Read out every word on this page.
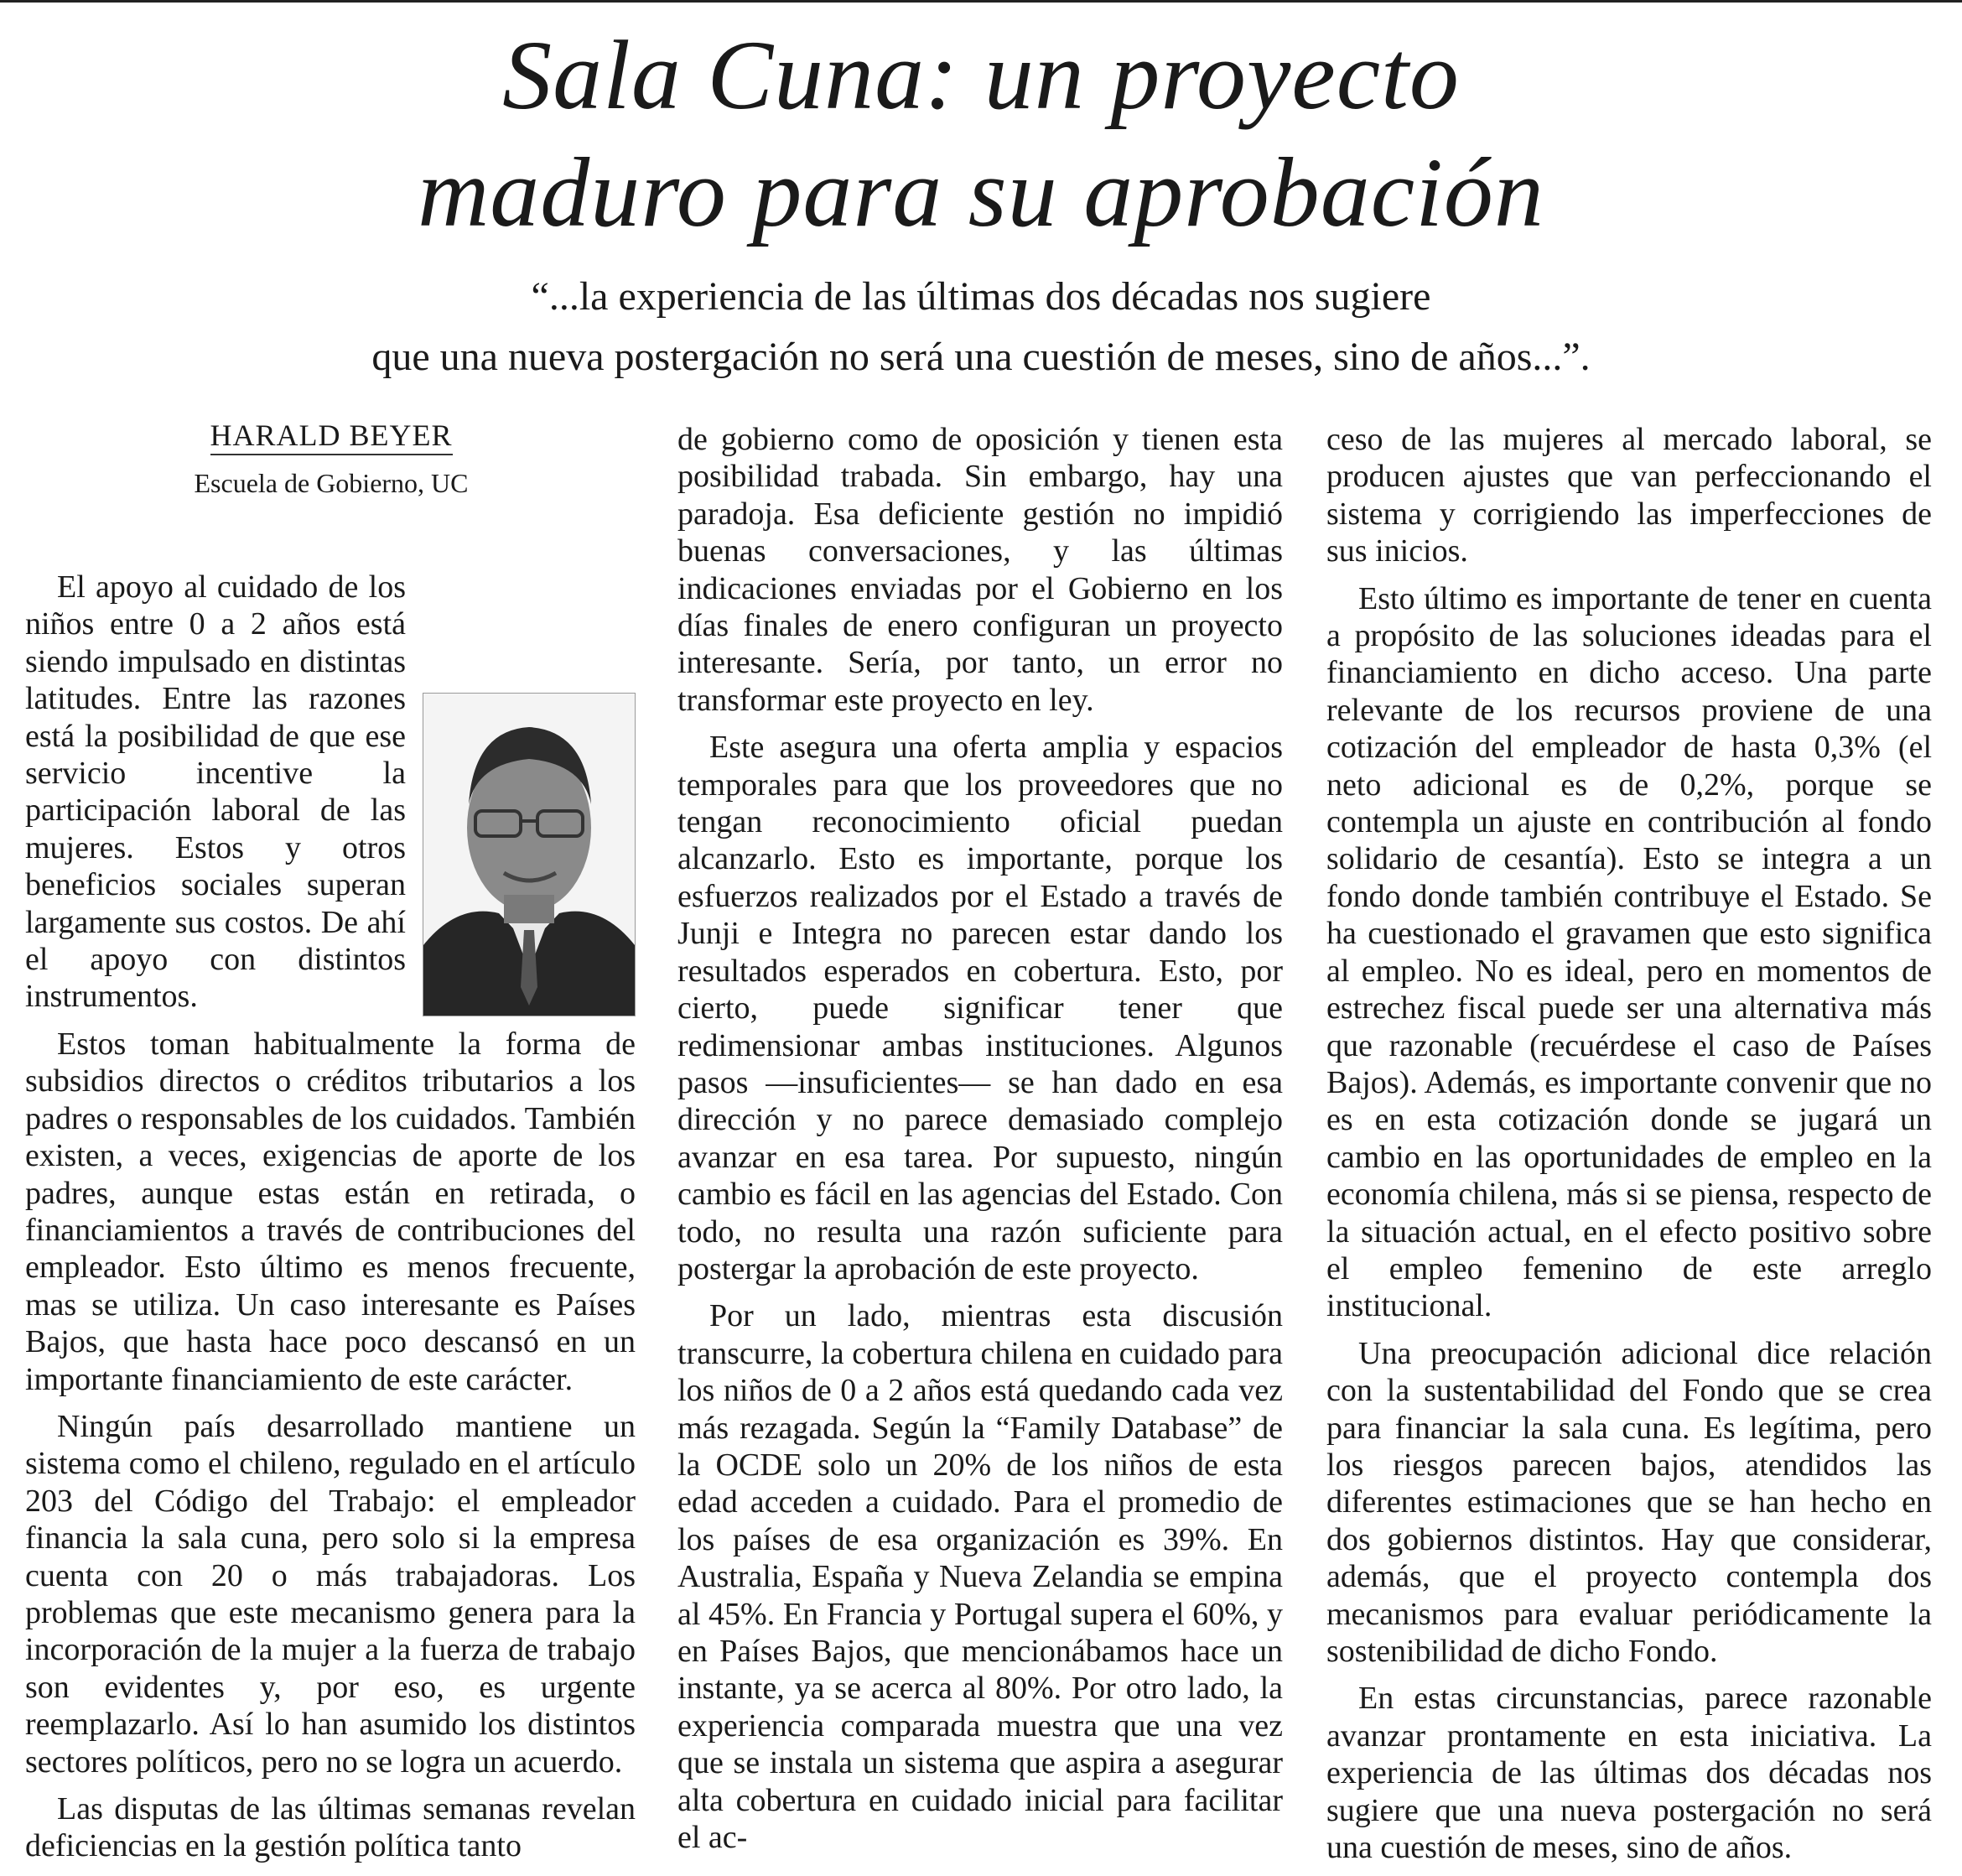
Sala Cuna: un proyecto
maduro para su aprobación
“...la experiencia de las últimas dos décadas nos sugiere
que una nueva postergación no será una cuestión de meses, sino de años...”.
HARALD BEYER
Escuela de Gobierno, UC

El apoyo al cuidado de los niños entre 0 a 2 años está siendo impulsado en distintas latitudes. Entre las razones está la posibilidad de que ese servicio incentive la participación laboral de las mujeres. Estos y otros beneficios sociales superan largamente sus costos. De ahí el apoyo con distintos instrumentos.

Estos toman habitualmente la forma de subsidios directos o créditos tributarios a los padres o responsables de los cuidados. También existen, a veces, exigencias de aporte de los padres, aunque estas están en retirada, o financiamientos a través de contribuciones del empleador. Esto último es menos frecuente, mas se utiliza. Un caso interesante es Países Bajos, que hasta hace poco descansó en un importante financiamiento de este carácter.

Ningún país desarrollado mantiene un sistema como el chileno, regulado en el artículo 203 del Código del Trabajo: el empleador financia la sala cuna, pero solo si la empresa cuenta con 20 o más trabajadoras. Los problemas que este mecanismo genera para la incorporación de la mujer a la fuerza de trabajo son evidentes y, por eso, es urgente reemplazarlo. Así lo han asumido los distintos sectores políticos, pero no se logra un acuerdo.

Las disputas de las últimas semanas revelan deficiencias en la gestión política tanto

de gobierno como de oposición y tienen esta posibilidad trabada. Sin embargo, hay una paradoja. Esa deficiente gestión no impidió buenas conversaciones, y las últimas indicaciones enviadas por el Gobierno en los días finales de enero configuran un proyecto interesante. Sería, por tanto, un error no transformar este proyecto en ley.

Este asegura una oferta amplia y espacios temporales para que los proveedores que no tengan reconocimiento oficial puedan alcanzarlo. Esto es importante, porque los esfuerzos realizados por el Estado a través de Junji e Integra no parecen estar dando los resultados esperados en cobertura. Esto, por cierto, puede significar tener que redimensionar ambas instituciones. Algunos pasos —insuficientes— se han dado en esa dirección y no parece demasiado complejo avanzar en esa tarea. Por supuesto, ningún cambio es fácil en las agencias del Estado. Con todo, no resulta una razón suficiente para postergar la aprobación de este proyecto.

Por un lado, mientras esta discusión transcurre, la cobertura chilena en cuidado para los niños de 0 a 2 años está quedando cada vez más rezagada. Según la “Family Database” de la OCDE solo un 20% de los niños de esta edad acceden a cuidado. Para el promedio de los países de esa organización es 39%. En Australia, España y Nueva Zelandia se empina al 45%. En Francia y Portugal supera el 60%, y en Países Bajos, que mencionábamos hace un instante, ya se acerca al 80%. Por otro lado, la experiencia comparada muestra que una vez que se instala un sistema que aspira a asegurar alta cobertura en cuidado inicial para facilitar el ac-

ceso de las mujeres al mercado laboral, se producen ajustes que van perfeccionando el sistema y corrigiendo las imperfecciones de sus inicios.

Esto último es importante de tener en cuenta a propósito de las soluciones ideadas para el financiamiento en dicho acceso. Una parte relevante de los recursos proviene de una cotización del empleador de hasta 0,3% (el neto adicional es de 0,2%, porque se contempla un ajuste en contribución al fondo solidario de cesantía). Esto se integra a un fondo donde también contribuye el Estado. Se ha cuestionado el gravamen que esto significa al empleo. No es ideal, pero en momentos de estrechez fiscal puede ser una alternativa más que razonable (recuérdese el caso de Países Bajos). Además, es importante convenir que no es en esta cotización donde se jugará un cambio en las oportunidades de empleo en la economía chilena, más si se piensa, respecto de la situación actual, en el efecto positivo sobre el empleo femenino de este arreglo institucional.

Una preocupación adicional dice relación con la sustentabilidad del Fondo que se crea para financiar la sala cuna. Es legítima, pero los riesgos parecen bajos, atendidos las diferentes estimaciones que se han hecho en dos gobiernos distintos. Hay que considerar, además, que el proyecto contempla dos mecanismos para evaluar periódicamente la sostenibilidad de dicho Fondo.

En estas circunstancias, parece razonable avanzar prontamente en esta iniciativa. La experiencia de las últimas dos décadas nos sugiere que una nueva postergación no será una cuestión de meses, sino de años.
